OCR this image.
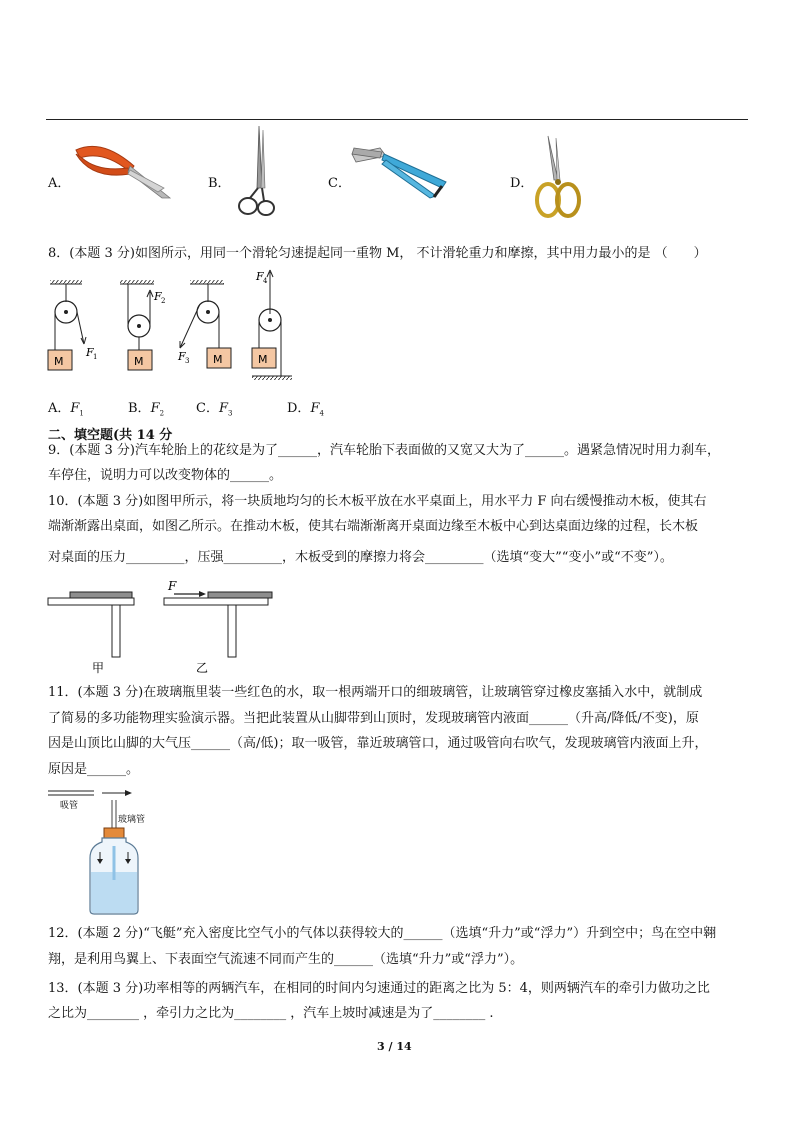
A．	B．	C．	D．
8．(本题 3 分)如图所示，用同一个滑轮匀速提起同一重物 M， 不计滑轮重力和摩擦，其中用力最小的是 （　　）
M	M	M	M
F 1
F 2
F 3
F 4
A．$F_1$	B．$F_2$ C．$F_3$	D．$F_4$
二、填空题(共 14 分
9．(本题 3 分)汽车轮胎上的花纹是为了______，汽车轮胎下表面做的又宽又大为了______。遇紧急情况时用力刹车，
车停住，说明力可以改变物体的______。
10．(本题 3 分)如图甲所示，将一块质地均匀的长木板平放在水平桌面上，用水平力 F 向右缓慢推动木板，使其右
端渐渐露出桌面，如图乙所示。在推动木板，使其右端渐渐离开桌面边缘至木板中心到达桌面边缘的过程，长木板
对桌面的压力_________，压强_________，木板受到的摩擦力将会_________（选填“变大”“变小”或“不变”）。
F
甲	乙
11．(本题 3 分)在玻璃瓶里装一些红色的水，取一根两端开口的细玻璃管，让玻璃管穿过橡皮塞插入水中，就制成
了简易的多功能物理实验演示器。当把此装置从山脚带到山顶时，发现玻璃管内液面______（升高/降低/不变)，原
因是山顶比山脚的大气压______（高/低)；取一吸管，靠近玻璃管口，通过吸管向右吹气，发现玻璃管内液面上升，
原因是______。
吸管
玻璃管
12．(本题 2 分)“飞艇”充入密度比空气小的气体以获得较大的______（选填“升力”或“浮力”）升到空中；鸟在空中翱
翔，是利用鸟翼上、下表面空气流速不同而产生的______（选填“升力”或“浮力”）。
13．(本题 3 分)功率相等的两辆汽车，在相同的时间内匀速通过的距离之比为 5：4，则两辆汽车的牵引力做功之比
之比为________ ，牵引力之比为________ ，汽车上坡时减速是为了________ .
3 / 14
